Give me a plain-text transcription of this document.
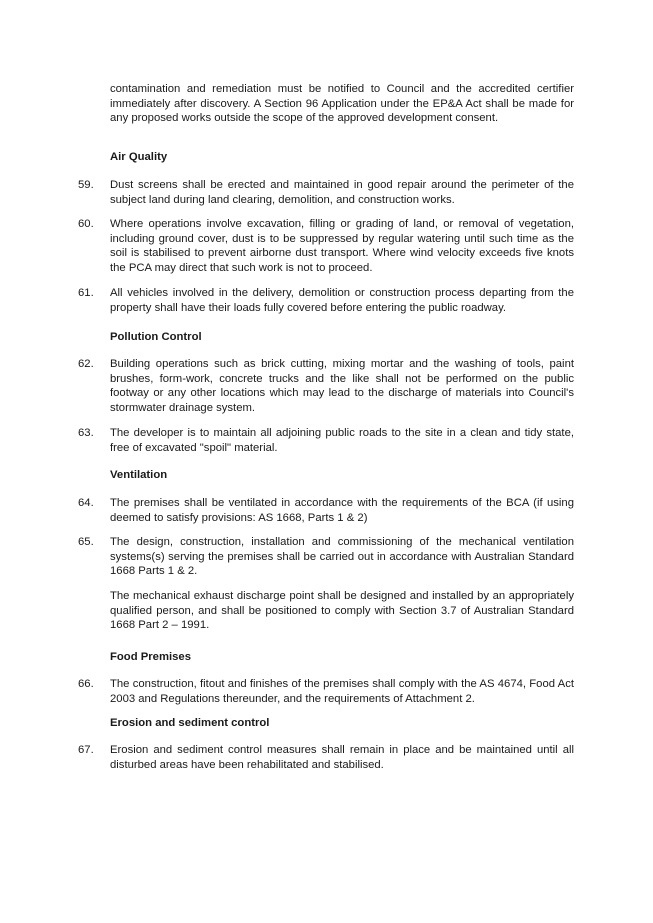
contamination and remediation must be notified to Council and the accredited certifier immediately after discovery. A Section 96 Application under the EP&A Act shall be made for any proposed works outside the scope of the approved development consent.

Air Quality

59. Dust screens shall be erected and maintained in good repair around the perimeter of the subject land during land clearing, demolition, and construction works.

60. Where operations involve excavation, filling or grading of land, or removal of vegetation, including ground cover, dust is to be suppressed by regular watering until such time as the soil is stabilised to prevent airborne dust transport. Where wind velocity exceeds five knots the PCA may direct that such work is not to proceed.

61. All vehicles involved in the delivery, demolition or construction process departing from the property shall have their loads fully covered before entering the public roadway.

Pollution Control

62. Building operations such as brick cutting, mixing mortar and the washing of tools, paint brushes, form-work, concrete trucks and the like shall not be performed on the public footway or any other locations which may lead to the discharge of materials into Council's stormwater drainage system.

63. The developer is to maintain all adjoining public roads to the site in a clean and tidy state, free of excavated "spoil" material.

Ventilation

64. The premises shall be ventilated in accordance with the requirements of the BCA (if using deemed to satisfy provisions: AS 1668, Parts 1 & 2)

65. The design, construction, installation and commissioning of the mechanical ventilation systems(s) serving the premises shall be carried out in accordance with Australian Standard 1668 Parts 1 & 2.

The mechanical exhaust discharge point shall be designed and installed by an appropriately qualified person, and shall be positioned to comply with Section 3.7 of Australian Standard 1668 Part 2 – 1991.

Food Premises

66. The construction, fitout and finishes of the premises shall comply with the AS 4674, Food Act 2003 and Regulations thereunder, and the requirements of Attachment 2.

Erosion and sediment control

67. Erosion and sediment control measures shall remain in place and be maintained until all disturbed areas have been rehabilitated and stabilised.
